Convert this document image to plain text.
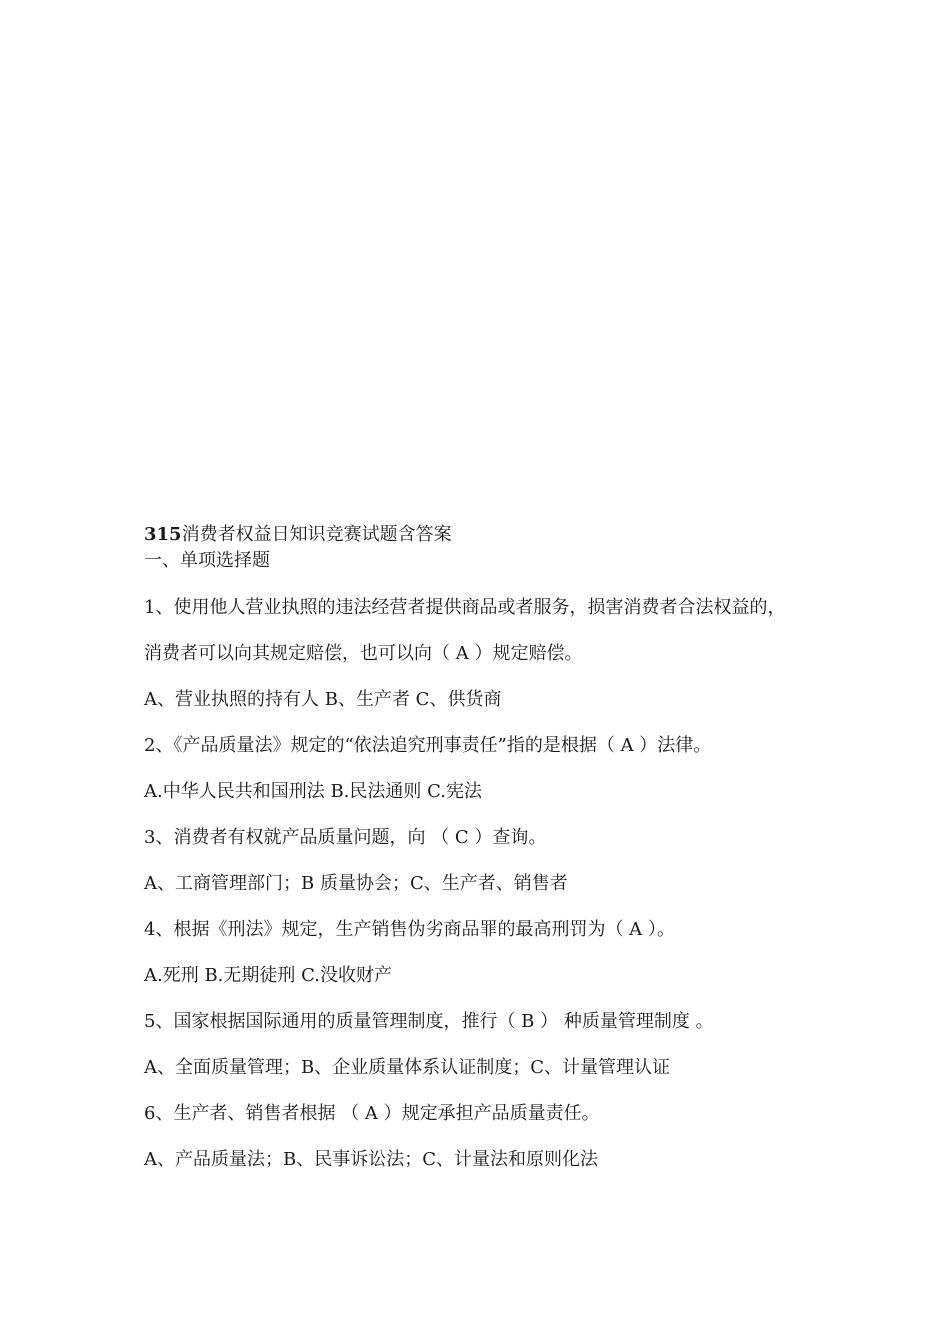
315消费者权益日知识竞赛试题含答案

一、单项选择题

1、使用他人营业执照的违法经营者提供商品或者服务，损害消费者合法权益的，

消费者可以向其规定赔偿，也可以向（ A ）规定赔偿。

A、营业执照的持有人 B、生产者 C、供货商

2、《产品质量法》规定的“依法追究刑事责任”指的是根据（ A ）法律。

A.中华人民共和国刑法 B.民法通则 C.宪法

3、消费者有权就产品质量问题，向 （ C ）查询。

A、工商管理部门；B 质量协会；C、生产者、销售者

4、根据《刑法》规定，生产销售伪劣商品罪的最高刑罚为（ A ）。

A.死刑 B.无期徒刑 C.没收财产

5、国家根据国际通用的质量管理制度，推行（ B ） 种质量管理制度 。

A、全面质量管理；B、企业质量体系认证制度；C、计量管理认证

6、生产者、销售者根据 （ A ）规定承担产品质量责任。

A、产品质量法；B、民事诉讼法；C、计量法和原则化法
